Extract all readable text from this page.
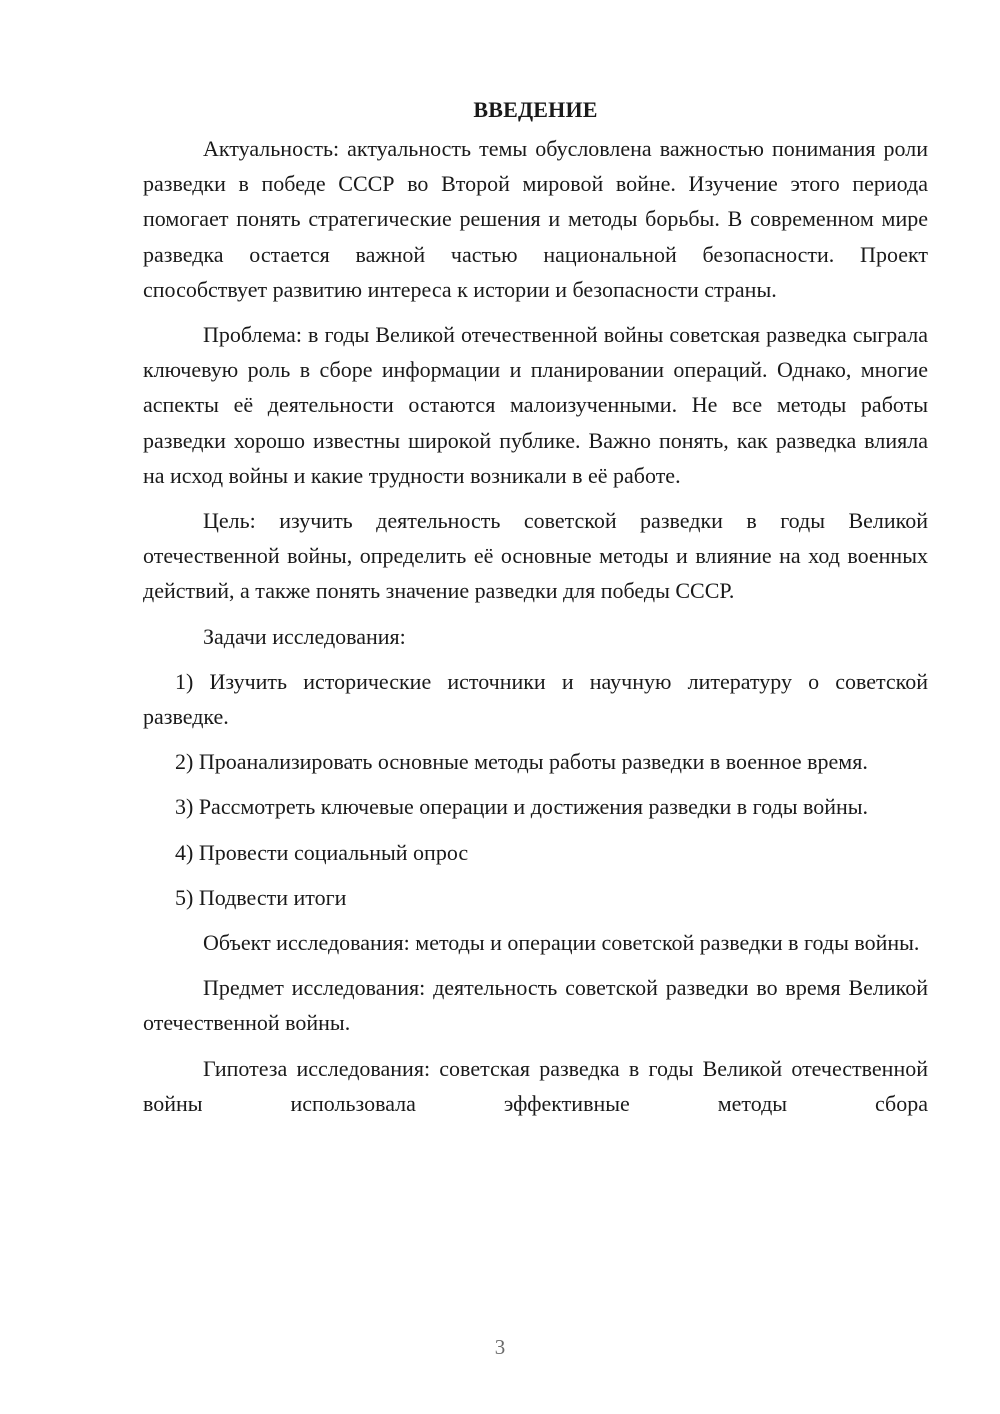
ВВЕДЕНИЕ

Актуальность: актуальность темы обусловлена важностью понимания роли разведки в победе СССР во Второй мировой войне. Изучение этого периода помогает понять стратегические решения и методы борьбы. В современном мире разведка остается важной частью национальной безопасности. Проект способствует развитию интереса к истории и безопасности страны.

Проблема: в годы Великой отечественной войны советская разведка сыграла ключевую роль в сборе информации и планировании операций. Однако, многие аспекты её деятельности остаются малоизученными. Не все методы работы разведки хорошо известны широкой публике. Важно понять, как разведка влияла на исход войны и какие трудности возникали в её работе.

Цель: изучить деятельность советской разведки в годы Великой отечественной войны, определить её основные методы и влияние на ход военных действий, а также понять значение разведки для победы СССР.

Задачи исследования:

1) Изучить исторические источники и научную литературу о советской разведке.

2) Проанализировать основные методы работы разведки в военное время.

3) Рассмотреть ключевые операции и достижения разведки в годы войны.

4) Провести социальный опрос

5) Подвести итоги

Объект исследования: методы и операции советской разведки в годы войны.

Предмет исследования: деятельность советской разведки во время Великой отечественной войны.

Гипотеза исследования: советская разведка в годы Великой отечественной войны использовала эффективные методы сбора

3
